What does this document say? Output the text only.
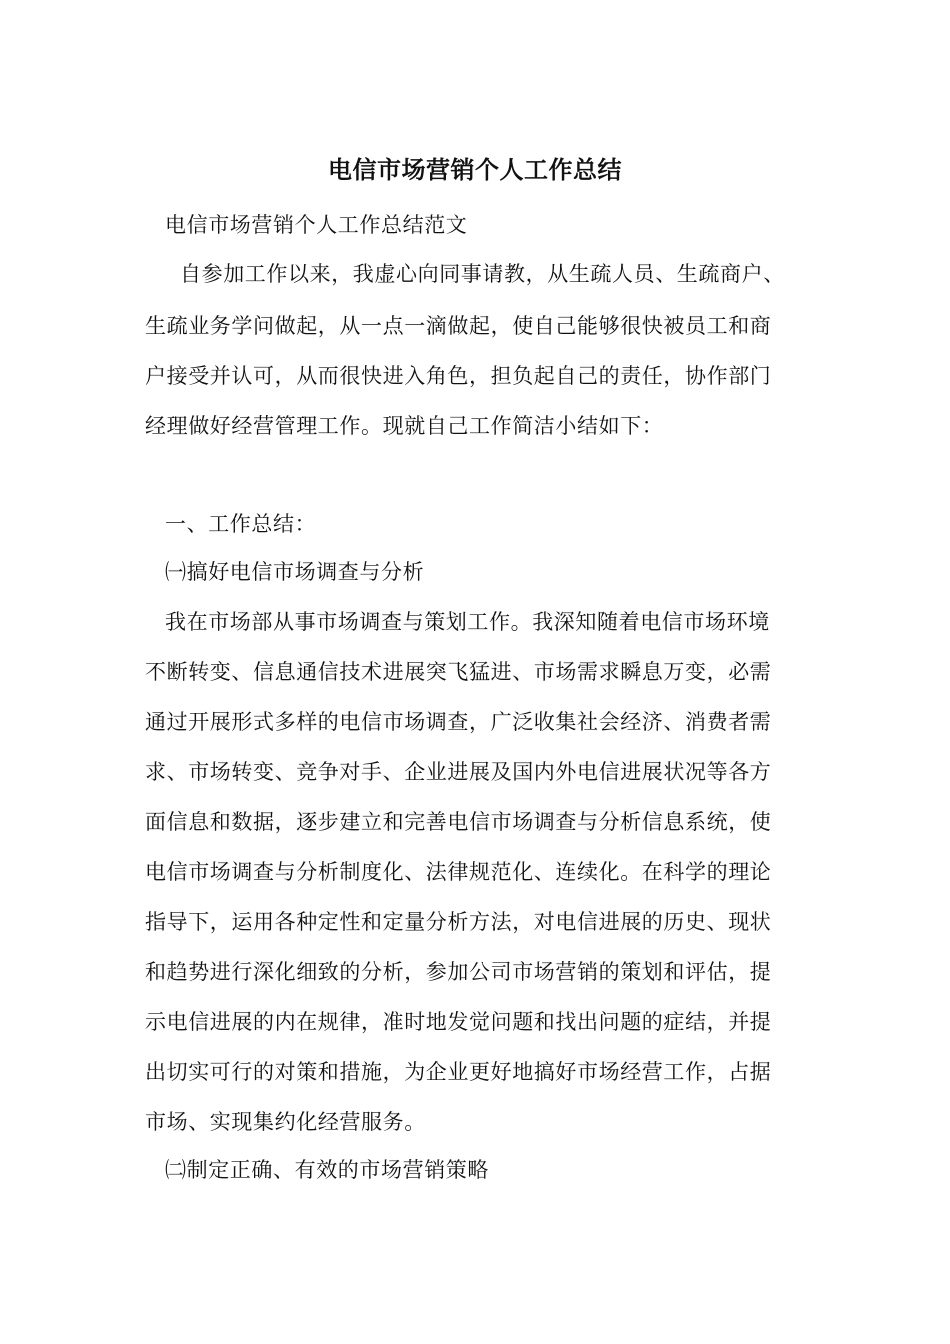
电信市场营销个人工作总结
电信市场营销个人工作总结范文
自参加工作以来，我虚心向同事请教，从生疏人员、生疏商户、
生疏业务学问做起，从一点一滴做起，使自己能够很快被员工和商
户接受并认可，从而很快进入角色，担负起自己的责任，协作部门
经理做好经营管理工作。现就自己工作简洁小结如下：
一、工作总结：
㈠搞好电信市场调查与分析
我在市场部从事市场调查与策划工作。我深知随着电信市场环境
不断转变、信息通信技术进展突飞猛进、市场需求瞬息万变，必需
通过开展形式多样的电信市场调查，广泛收集社会经济、消费者需
求、市场转变、竞争对手、企业进展及国内外电信进展状况等各方
面信息和数据，逐步建立和完善电信市场调查与分析信息系统，使
电信市场调查与分析制度化、法律规范化、连续化。在科学的理论
指导下，运用各种定性和定量分析方法，对电信进展的历史、现状
和趋势进行深化细致的分析，参加公司市场营销的策划和评估，提
示电信进展的内在规律，准时地发觉问题和找出问题的症结，并提
出切实可行的对策和措施，为企业更好地搞好市场经营工作，占据
市场、实现集约化经营服务。
㈡制定正确、有效的市场营销策略
